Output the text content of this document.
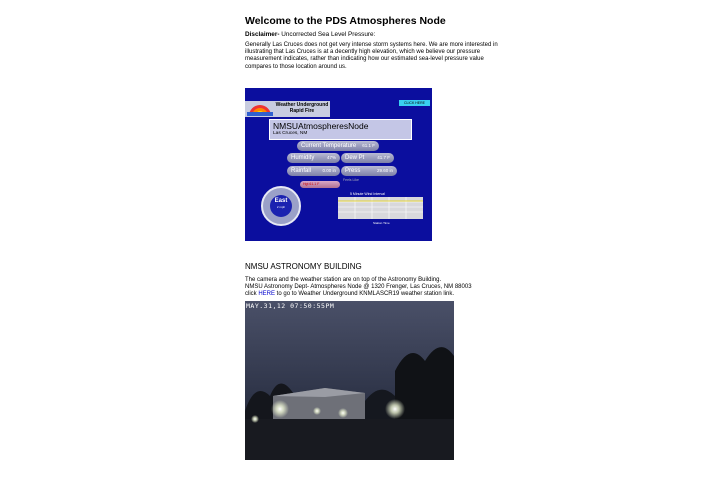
Welcome to the PDS Atmospheres Node
Disclaimer- Uncorrected Sea Level Pressure:
Generally Las Cruces does not get very intense storm systems here. We are more interested in illustrating that Las Cruces is at a decently high elevation, which we believe our pressure measurement indicates, rather than indicating how our estimated sea-level pressure value compares to those location around us.
Weather Underground
Rapid Fire
CLICK HERE
NMSUAtmospheresNode
Las Cruces, NM
Current Temperature 61.1 F
Humidity	47%	Dew Pt	41.7 F
Rainfall	0.00 in	Press	29.60 in
Feels Like
Hgt 61.1 F
East
2 mph
5 Minute Wind Interval
Station Time
NMSU ASTRONOMY BUILDING
The camera and the weather station are on top of the Astronomy Building.
NMSU Astronomy Dept- Atmospheres Node @ 1320 Frenger, Las Cruces, NM 88003
click HERE to go to Weather Underground KNMLASCR19 weather station link.
MAY.31,12 07:50:55PM
